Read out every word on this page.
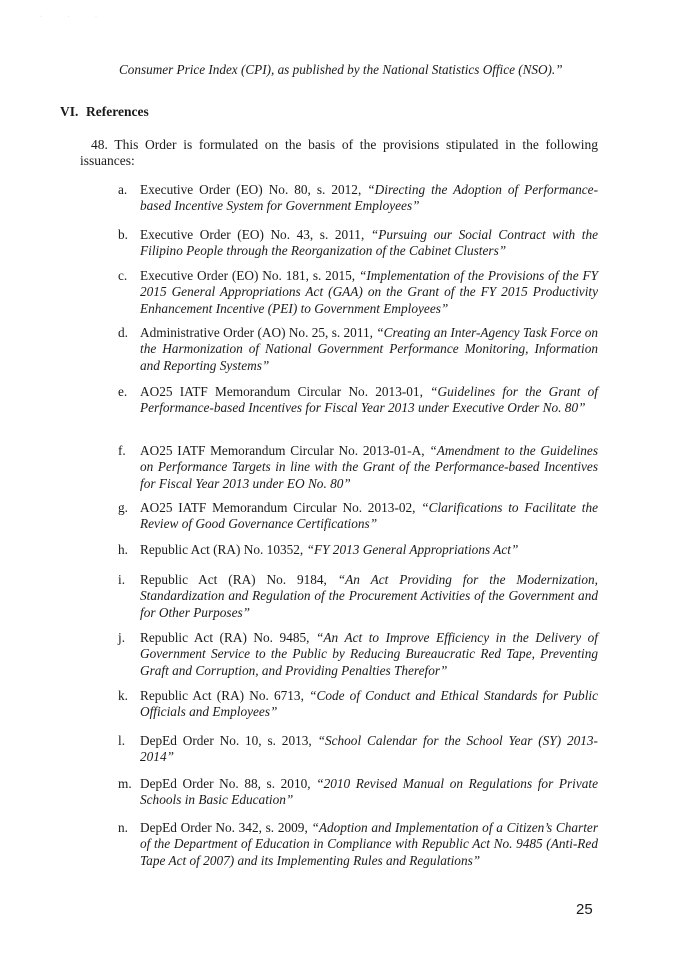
· · ·
Consumer Price Index (CPI), as published by the National Statistics Office (NSO).”
VI. References
48. This Order is formulated on the basis of the provisions stipulated in the following issuances:
a. Executive Order (EO) No. 80, s. 2012, “Directing the Adoption of Performance-based Incentive System for Government Employees”
b. Executive Order (EO) No. 43, s. 2011, “Pursuing our Social Contract with the Filipino People through the Reorganization of the Cabinet Clusters”
c. Executive Order (EO) No. 181, s. 2015, “Implementation of the Provisions of the FY 2015 General Appropriations Act (GAA) on the Grant of the FY 2015 Productivity Enhancement Incentive (PEI) to Government Employees”
d. Administrative Order (AO) No. 25, s. 2011, “Creating an Inter-Agency Task Force on the Harmonization of National Government Performance Monitoring, Information and Reporting Systems”
e. AO25 IATF Memorandum Circular No. 2013-01, “Guidelines for the Grant of Performance-based Incentives for Fiscal Year 2013 under Executive Order No. 80”
f.	AO25 IATF Memorandum Circular No. 2013-01-A, “Amendment to the Guidelines on Performance Targets in line with the Grant of the Performance-based Incentives for Fiscal Year 2013 under EO No. 80”
g. AO25 IATF Memorandum Circular No. 2013-02, “Clarifications to Facilitate the Review of Good Governance Certifications”
h. Republic Act (RA) No. 10352, “FY 2013 General Appropriations Act”
i.	Republic Act (RA) No. 9184, “An Act Providing for the Modernization, Standardization and Regulation of the Procurement Activities of the Government and for Other Purposes”
j.	Republic Act (RA) No. 9485, “An Act to Improve Efficiency in the Delivery of Government Service to the Public by Reducing Bureaucratic Red Tape, Preventing Graft and Corruption, and Providing Penalties Therefor”
k. Republic Act (RA) No. 6713, “Code of Conduct and Ethical Standards for Public Officials and Employees”
l.	DepEd Order No. 10, s. 2013, “School Calendar for the School Year (SY) 2013-2014”
m. DepEd Order No. 88, s. 2010, “2010 Revised Manual on Regulations for Private Schools in Basic Education”
n. DepEd Order No. 342, s. 2009, “Adoption and Implementation of a Citizen’s Charter of the Department of Education in Compliance with Republic Act No. 9485 (Anti-Red Tape Act of 2007) and its Implementing Rules and Regulations”
25
